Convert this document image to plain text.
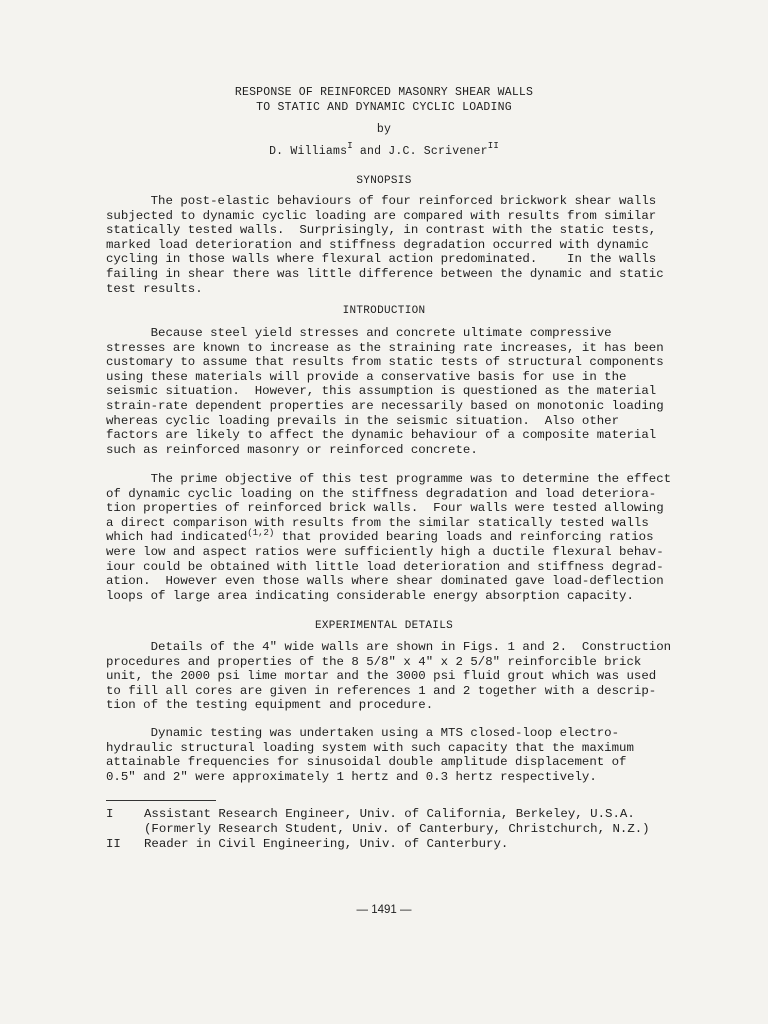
RESPONSE OF REINFORCED MASONRY SHEAR WALLS
TO STATIC AND DYNAMIC CYCLIC LOADING
by
D. Williams$^I$ and J.C. Scrivener$^{II}$
SYNOPSIS
The post-elastic behaviours of four reinforced brickwork shear walls
subjected to dynamic cyclic loading are compared with results from similar
statically tested walls.  Surprisingly, in contrast with the static tests,
marked load deterioration and stiffness degradation occurred with dynamic
cycling in those walls where flexural action predominated.    In the walls
failing in shear there was little difference between the dynamic and static
test results.
INTRODUCTION
Because steel yield stresses and concrete ultimate compressive
stresses are known to increase as the straining rate increases, it has been
customary to assume that results from static tests of structural components
using these materials will provide a conservative basis for use in the
seismic situation.  However, this assumption is questioned as the material
strain-rate dependent properties are necessarily based on monotonic loading
whereas cyclic loading prevails in the seismic situation.  Also other
factors are likely to affect the dynamic behaviour of a composite material
such as reinforced masonry or reinforced concrete.
The prime objective of this test programme was to determine the effect
of dynamic cyclic loading on the stiffness degradation and load deteriora-
tion properties of reinforced brick walls.  Four walls were tested allowing
a direct comparison with results from the similar statically tested walls
which had indicated$^{(1,2)}$ that provided bearing loads and reinforcing ratios
were low and aspect ratios were sufficiently high a ductile flexural behav-
iour could be obtained with little load deterioration and stiffness degrad-
ation.  However even those walls where shear dominated gave load-deflection
loops of large area indicating considerable energy absorption capacity.
EXPERIMENTAL DETAILS
Details of the 4" wide walls are shown in Figs. 1 and 2.  Construction
procedures and properties of the 8 5/8" x 4" x 2 5/8" reinforcible brick
unit, the 2000 psi lime mortar and the 3000 psi fluid grout which was used
to fill all cores are given in references 1 and 2 together with a descrip-
tion of the testing equipment and procedure.
Dynamic testing was undertaken using a MTS closed-loop electro-
hydraulic structural loading system with such capacity that the maximum
attainable frequencies for sinusoidal double amplitude displacement of
0.5" and 2" were approximately 1 hertz and 0.3 hertz respectively.
I Assistant Research Engineer, Univ. of California, Berkeley, U.S.A.
(Formerly Research Student, Univ. of Canterbury, Christchurch, N.Z.)
II Reader in Civil Engineering, Univ. of Canterbury.
— 1491 —
